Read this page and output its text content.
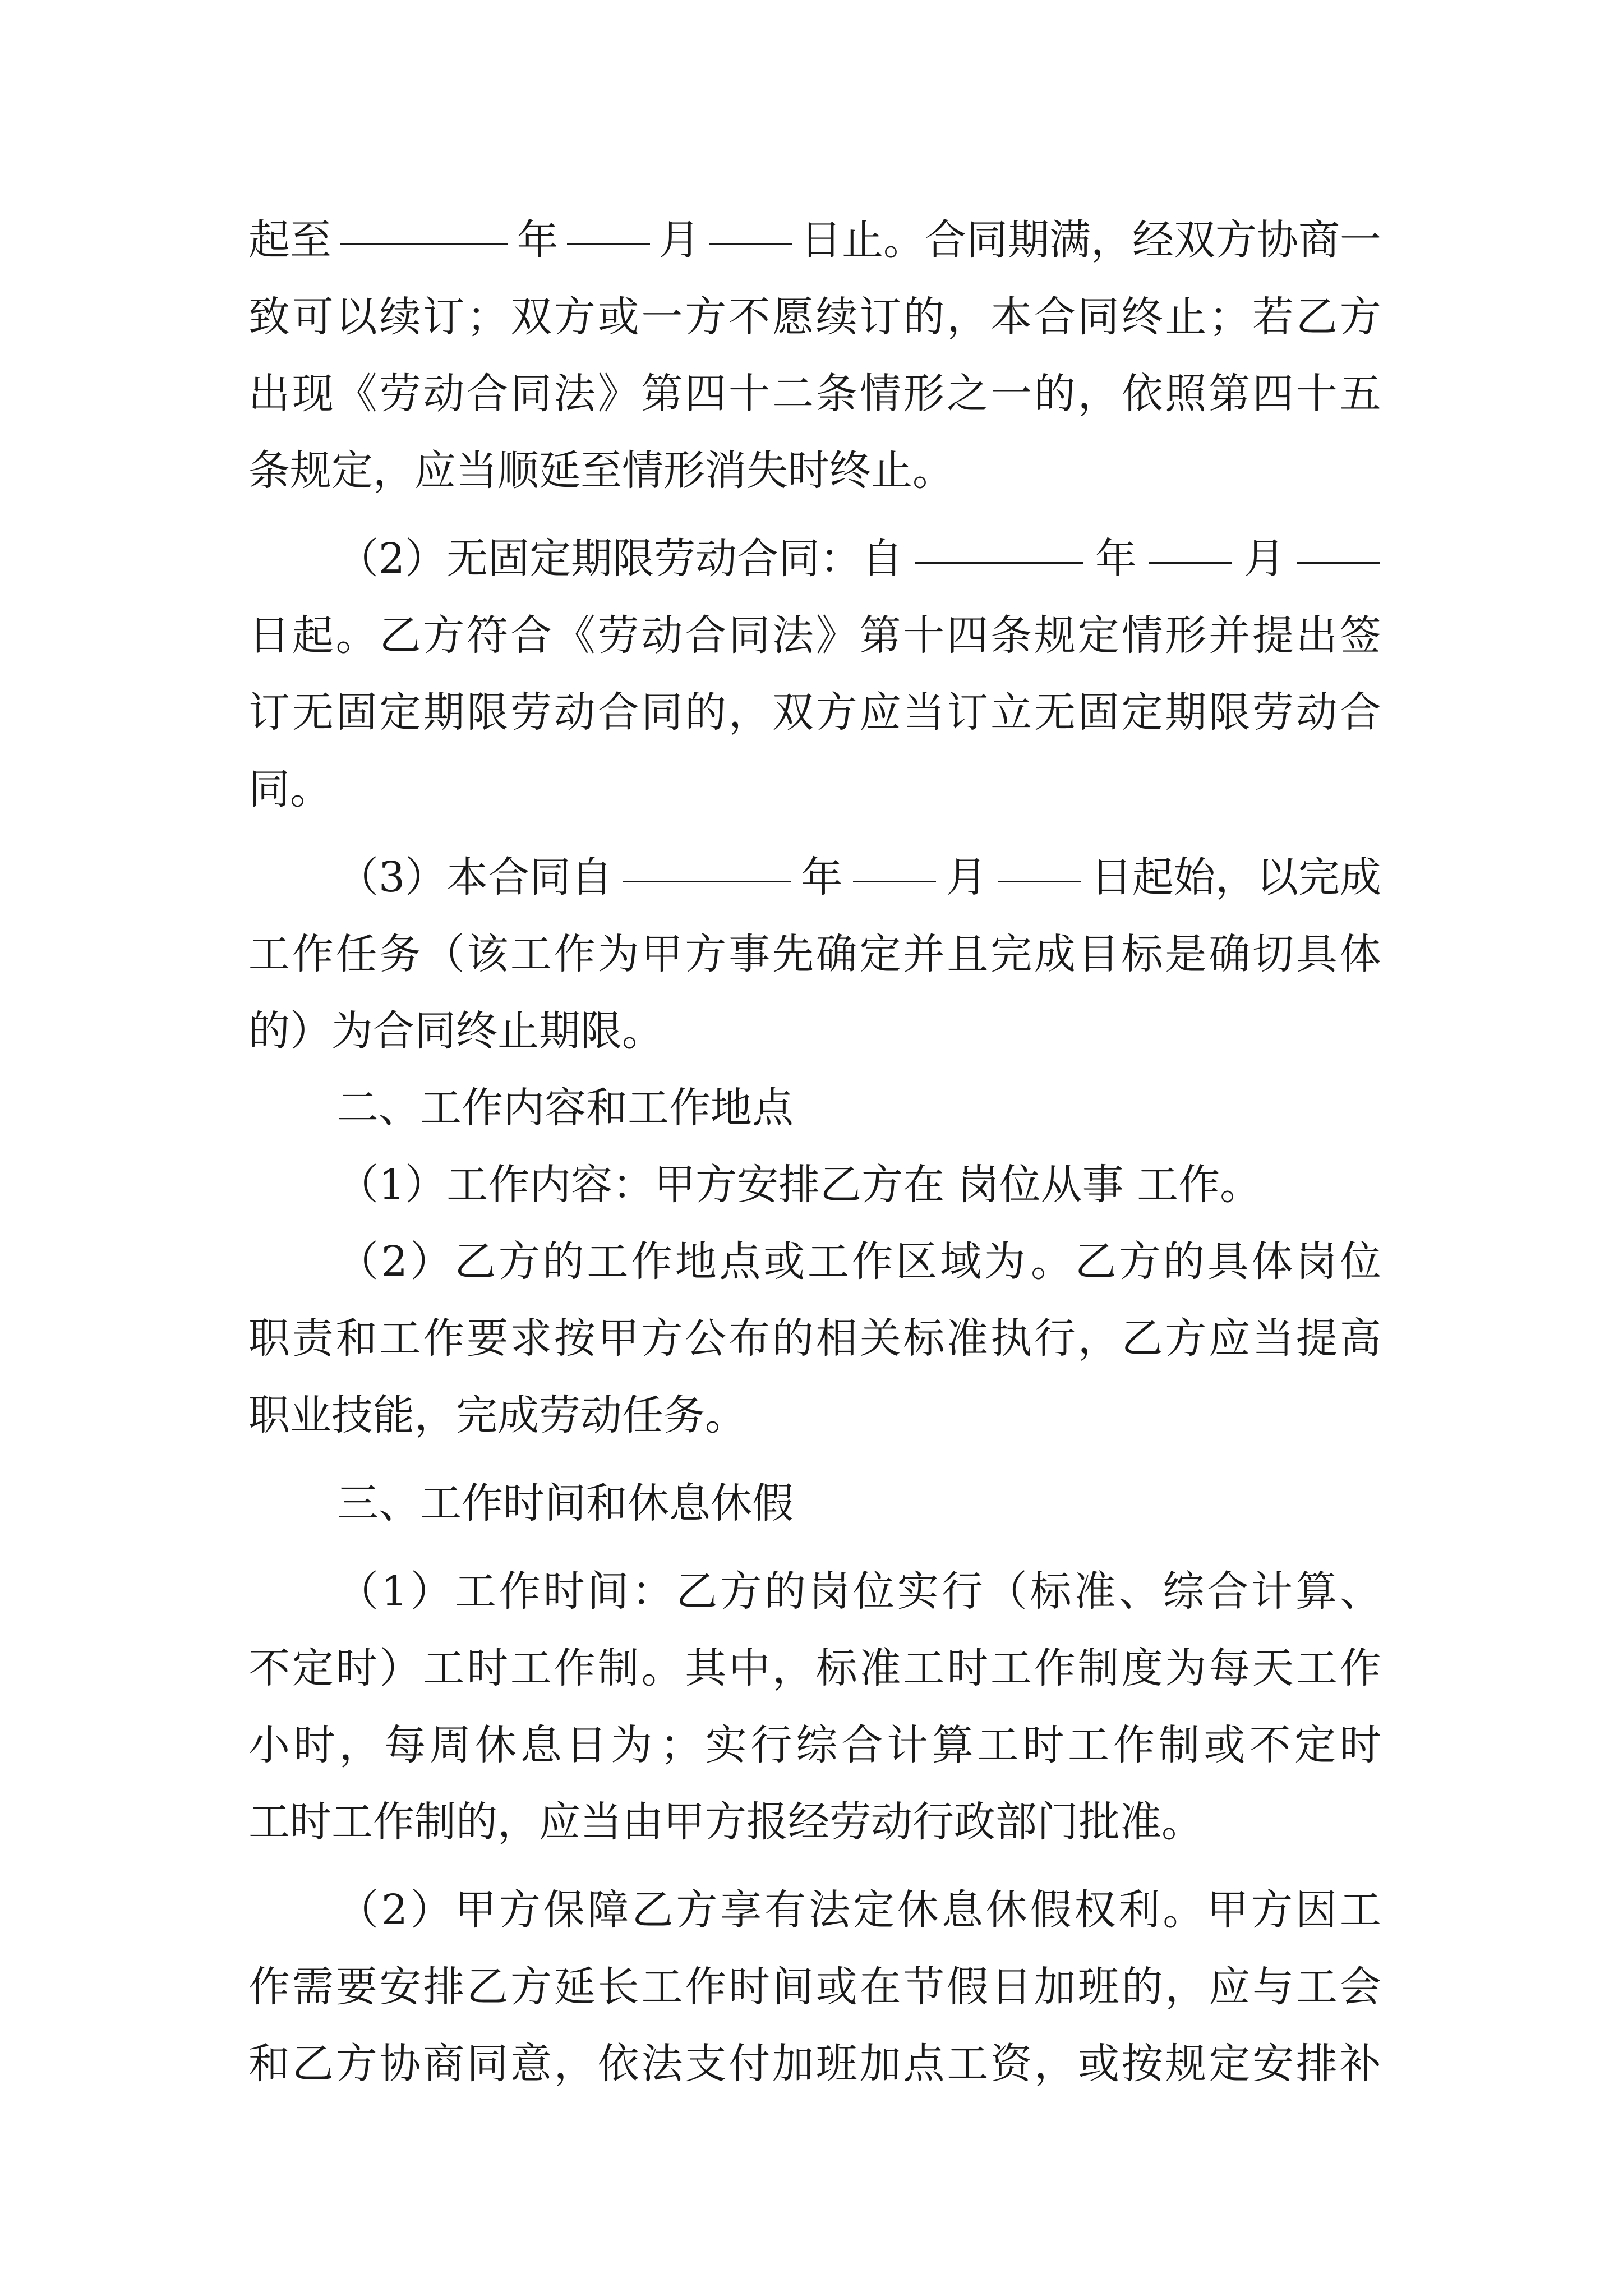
起至	年 月 日止。合同期满，经双方协商一
致 可 以 续 订 ； 双 方 或 一 方 不 愿 续 订 的 ， 本 合 同 终 止 ； 若 乙 方
出 现 《 劳 动 合 同 法 》 第 四 十 二 条 情 形 之 一 的 ， 依 照 第 四 十 五
条规定，应当顺延至情形消失时终止。
（2）无固定期限劳动合同：自	年	月
日 起 。 乙 方 符 合 《 劳 动 合 同 法 》 第 十 四 条 规 定 情 形 并 提 出 签
订 无 固 定 期 限 劳 动 合 同 的 ， 双 方 应 当 订 立 无 固 定 期 限 劳 动 合
同。
（3）本合同自	年 月 日起始，以完成
工 作 任 务 （ 该 工 作 为 甲 方 事 先 确 定 并 且 完 成 目 标 是 确 切 具 体
的）为合同终止期限。
二、工作内容和工作地点
（1）工作内容：甲方安排乙方在 岗位从事 工作。
（ 2 ） 乙 方 的 工 作 地 点 或 工 作 区 域 为 。 乙 方 的 具 体 岗 位
职 责 和 工 作 要 求 按 甲 方 公 布 的 相 关 标 准 执 行 ， 乙 方 应 当 提 高
职业技能，完成劳动任务。
三、工作时间和休息休假
（ 1 ） 工 作 时 间 ： 乙 方 的 岗 位 实 行 （ 标 准 、 综 合 计 算 、
不 定 时 ） 工 时 工 作 制 。 其 中 ， 标 准 工 时 工 作 制 度 为 每 天 工 作
小 时 ， 每 周 休 息 日 为 ； 实 行 综 合 计 算 工 时 工 作 制 或 不 定 时
工时工作制的，应当由甲方报经劳动行政部门批准。
（ 2 ） 甲 方 保 障 乙 方 享 有 法 定 休 息 休 假 权 利 。 甲 方 因 工
作 需 要 安 排 乙 方 延 长 工 作 时 间 或 在 节 假 日 加 班 的 ， 应 与 工 会
和 乙 方 协 商 同 意 ， 依 法 支 付 加 班 加 点 工 资 ， 或 按 规 定 安 排 补
